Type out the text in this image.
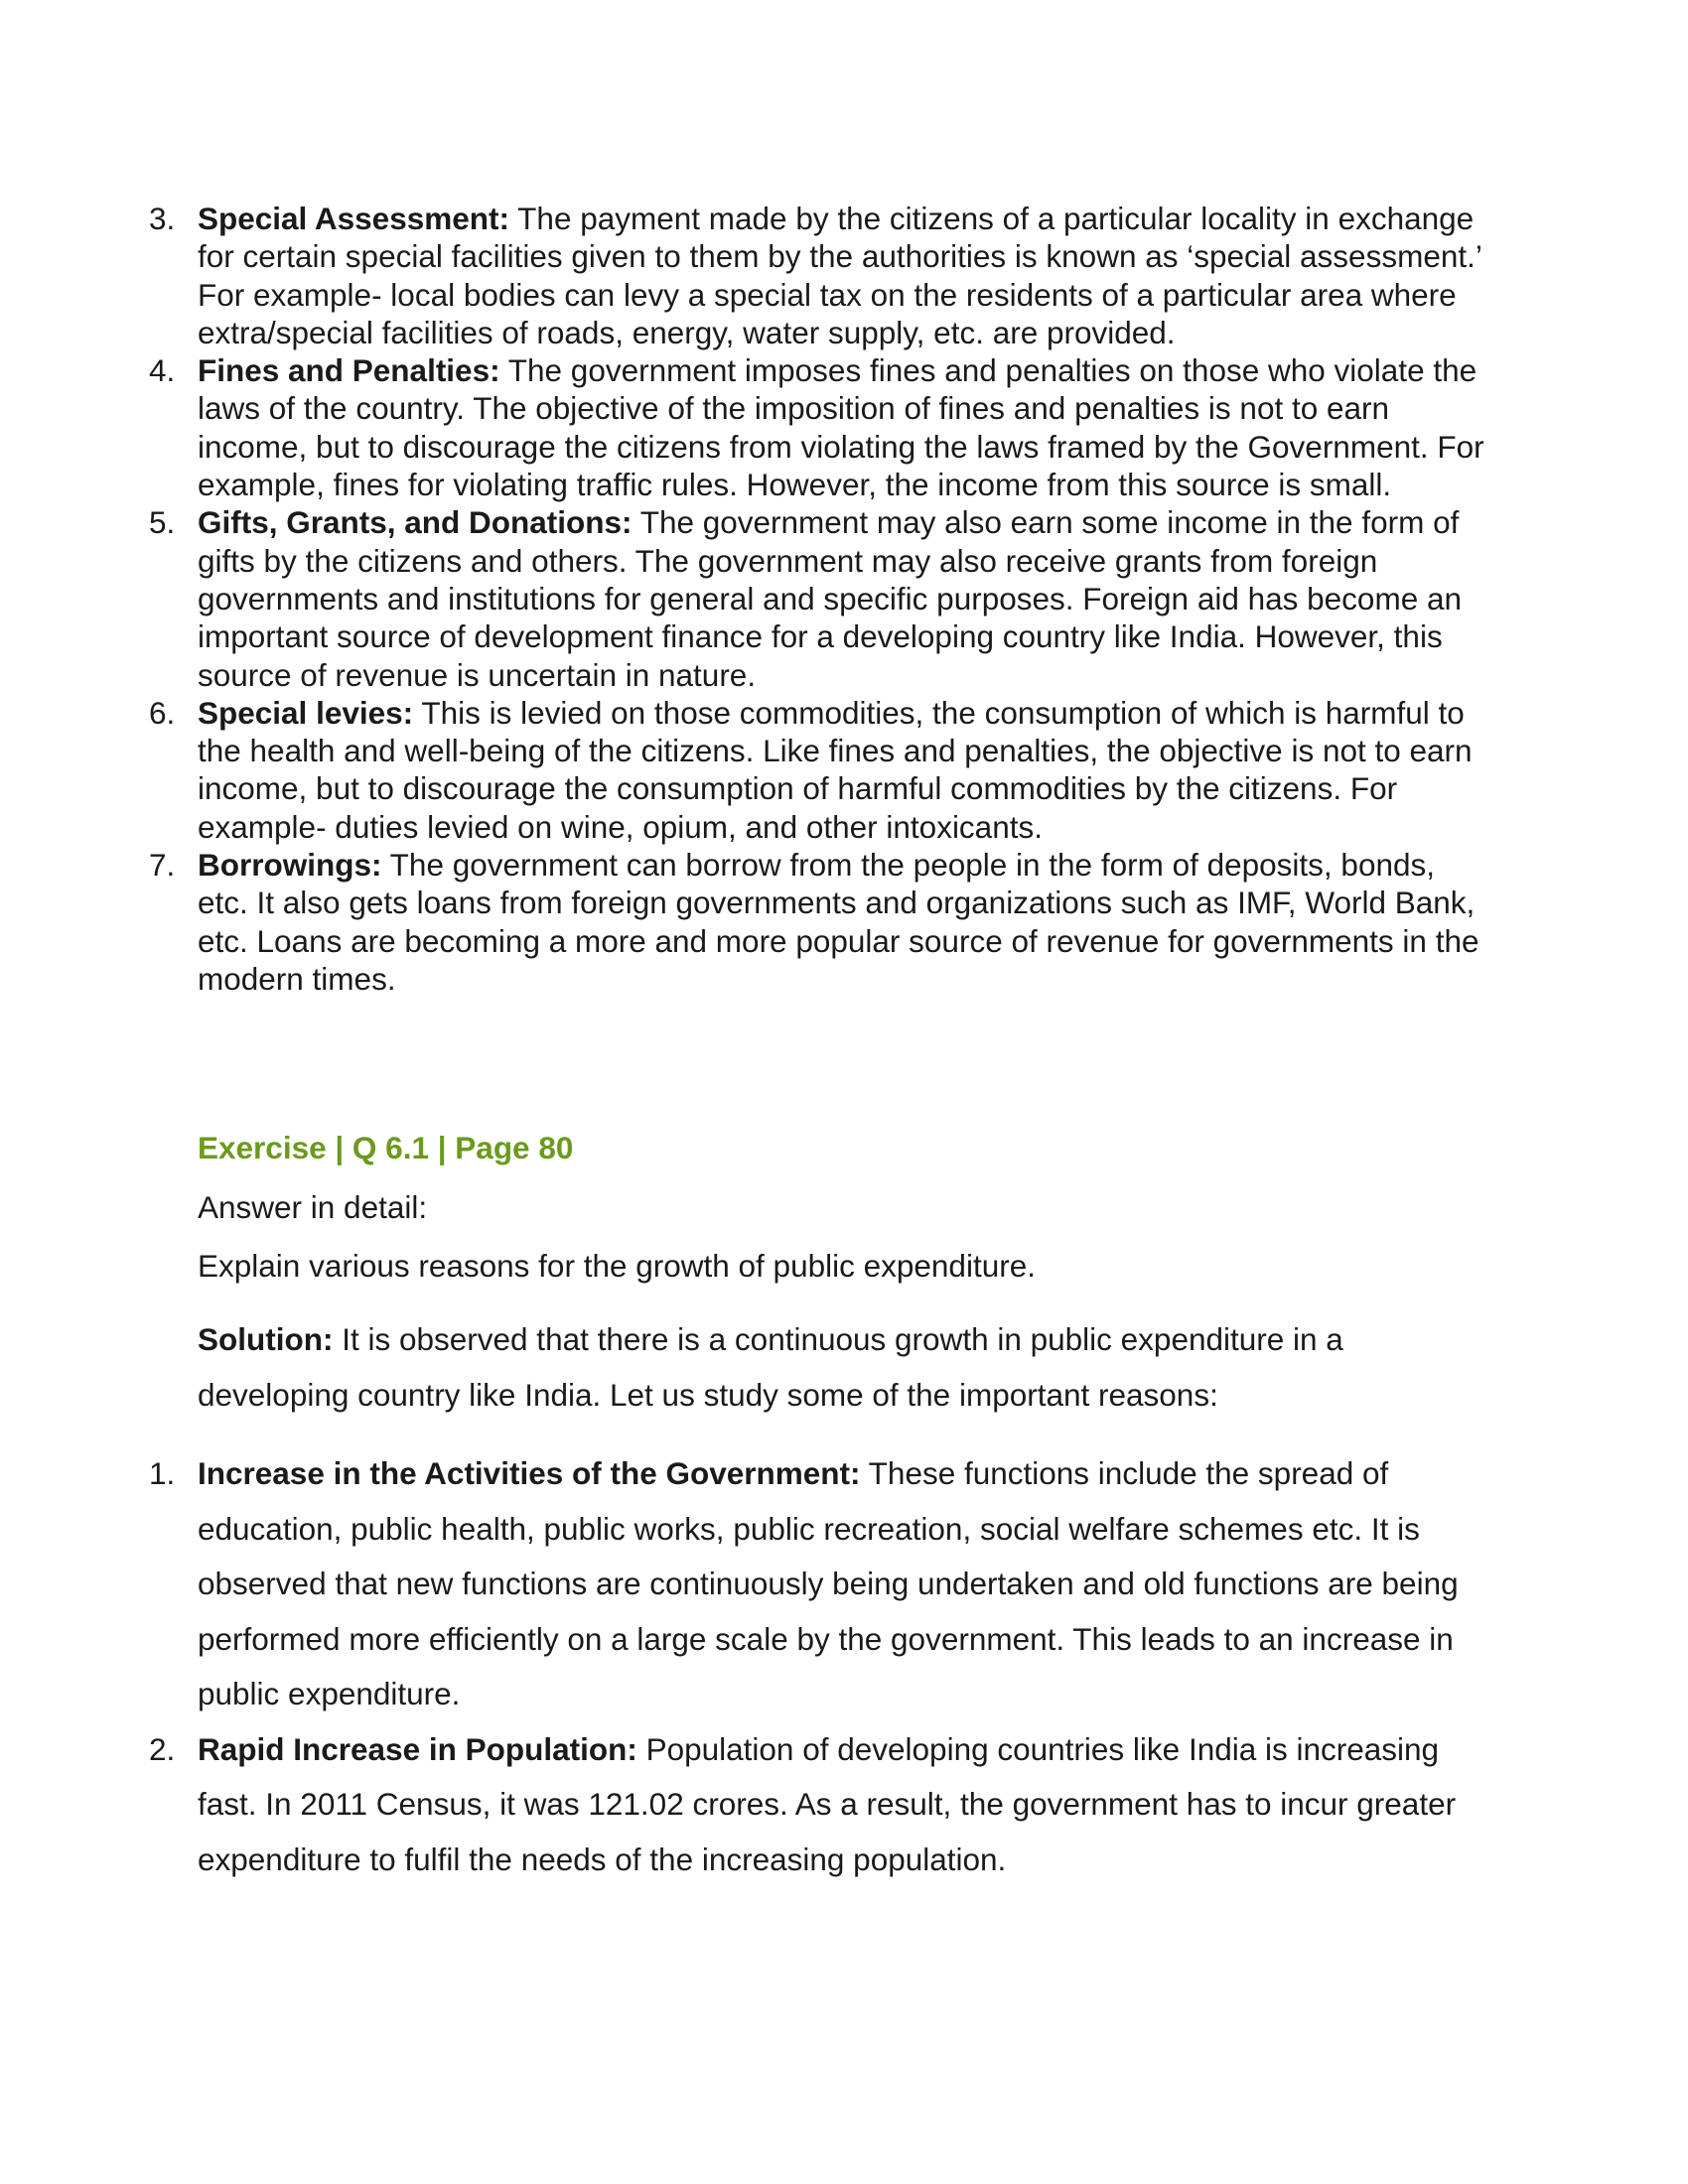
3. Special Assessment: The payment made by the citizens of a particular locality in exchange for certain special facilities given to them by the authorities is known as ‘special assessment.’ For example- local bodies can levy a special tax on the residents of a particular area where extra/special facilities of roads, energy, water supply, etc. are provided.
4. Fines and Penalties: The government imposes fines and penalties on those who violate the laws of the country. The objective of the imposition of fines and penalties is not to earn income, but to discourage the citizens from violating the laws framed by the Government. For example, fines for violating traffic rules. However, the income from this source is small.
5. Gifts, Grants, and Donations: The government may also earn some income in the form of gifts by the citizens and others. The government may also receive grants from foreign governments and institutions for general and specific purposes. Foreign aid has become an important source of development finance for a developing country like India. However, this source of revenue is uncertain in nature.
6. Special levies: This is levied on those commodities, the consumption of which is harmful to the health and well-being of the citizens. Like fines and penalties, the objective is not to earn income, but to discourage the consumption of harmful commodities by the citizens. For example- duties levied on wine, opium, and other intoxicants.
7. Borrowings: The government can borrow from the people in the form of deposits, bonds, etc. It also gets loans from foreign governments and organizations such as IMF, World Bank, etc. Loans are becoming a more and more popular source of revenue for governments in the modern times.

Exercise | Q 6.1 | Page 80

Answer in detail:

Explain various reasons for the growth of public expenditure.

Solution: It is observed that there is a continuous growth in public expenditure in a developing country like India. Let us study some of the important reasons:

1. Increase in the Activities of the Government: These functions include the spread of education, public health, public works, public recreation, social welfare schemes etc. It is observed that new functions are continuously being undertaken and old functions are being performed more efficiently on a large scale by the government. This leads to an increase in public expenditure.
2. Rapid Increase in Population: Population of developing countries like India is increasing fast. In 2011 Census, it was 121.02 crores. As a result, the government has to incur greater expenditure to fulfil the needs of the increasing population.
